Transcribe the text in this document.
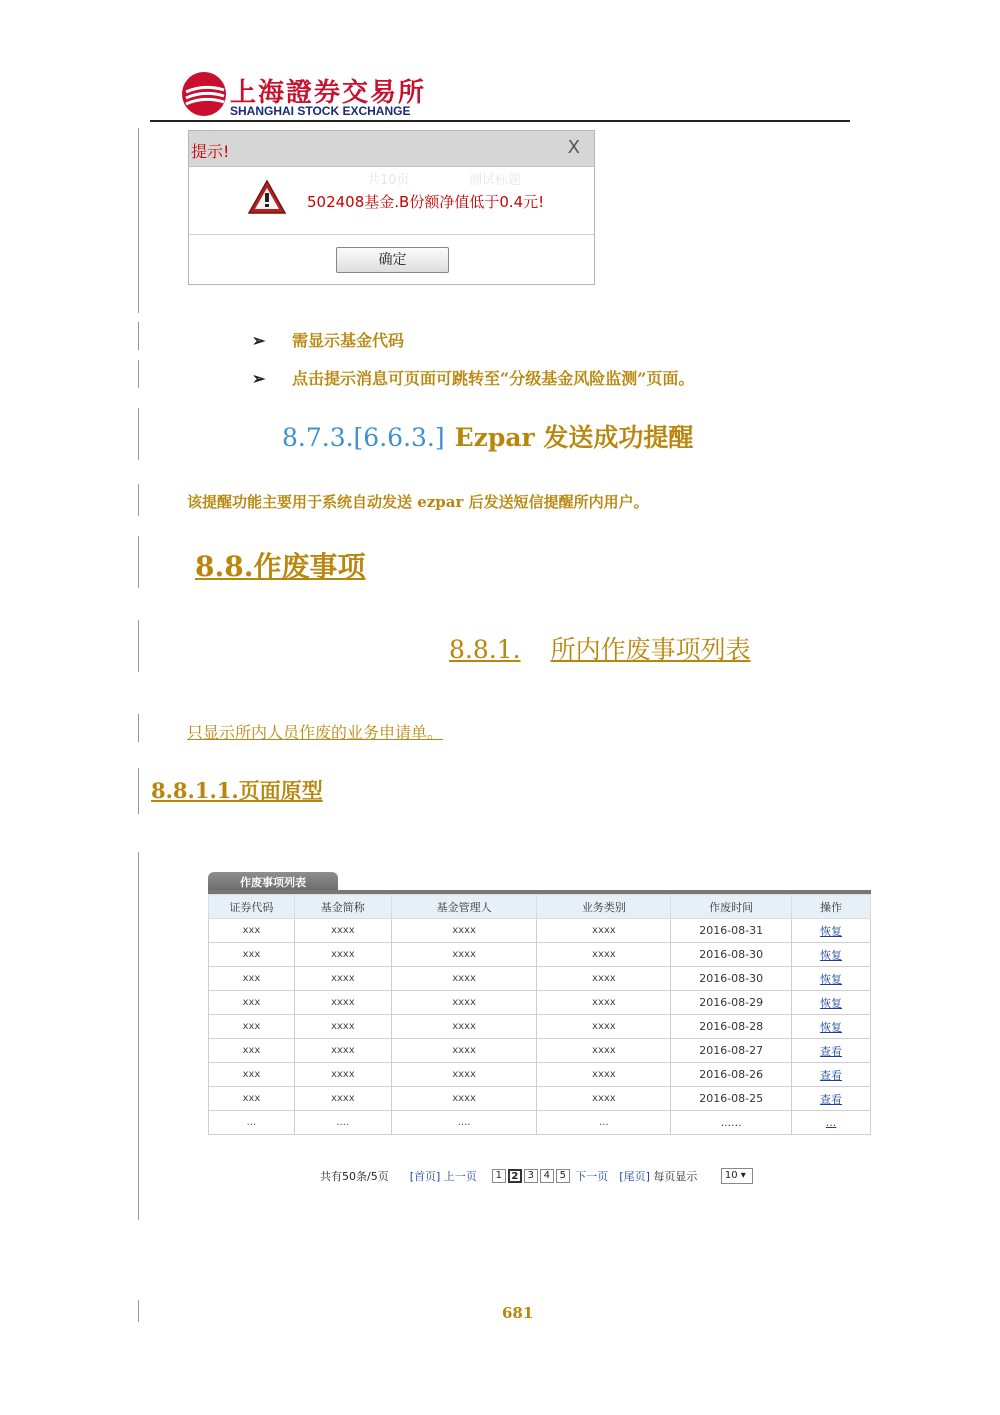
上海證券交易所
SHANGHAI STOCK EXCHANGE
提示!	X
共10页	测试标题
502408基金.B份额净值低于0.4元!
确定
➢ 需显示基金代码
➢ 点击提示消息可页面可跳转至“分级基金风险监测”页面。
8.7.3.[6.6.3.] Ezpar 发送成功提醒
该提醒功能主要用于系统自动发送 ezpar 后发送短信提醒所内用户。
8.8.作废事项
8.8.1. 所内作废事项列表
只显示所内人员作废的业务申请单。
8.8.1.1.页面原型
作废事项列表
证券代码	基金简称	基金管理人	业务类别	作废时间	操作
xxx	xxxx	xxxx	xxxx	2016-08-31	恢复
xxx	xxxx	xxxx	xxxx	2016-08-30	恢复
xxx	xxxx	xxxx	xxxx	2016-08-30	恢复
xxx	xxxx	xxxx	xxxx	2016-08-29	恢复
xxx	xxxx	xxxx	xxxx	2016-08-28	恢复
xxx	xxxx	xxxx	xxxx	2016-08-27	查看
xxx	xxxx	xxxx	xxxx	2016-08-26	查看
xxx	xxxx	xxxx	xxxx	2016-08-25	查看
...	....	....	...	......	...
共有50条/5页 [首页] 上一页 1 2 3 4 5 下一页 [尾页] 每页显示	10 ▾
681
